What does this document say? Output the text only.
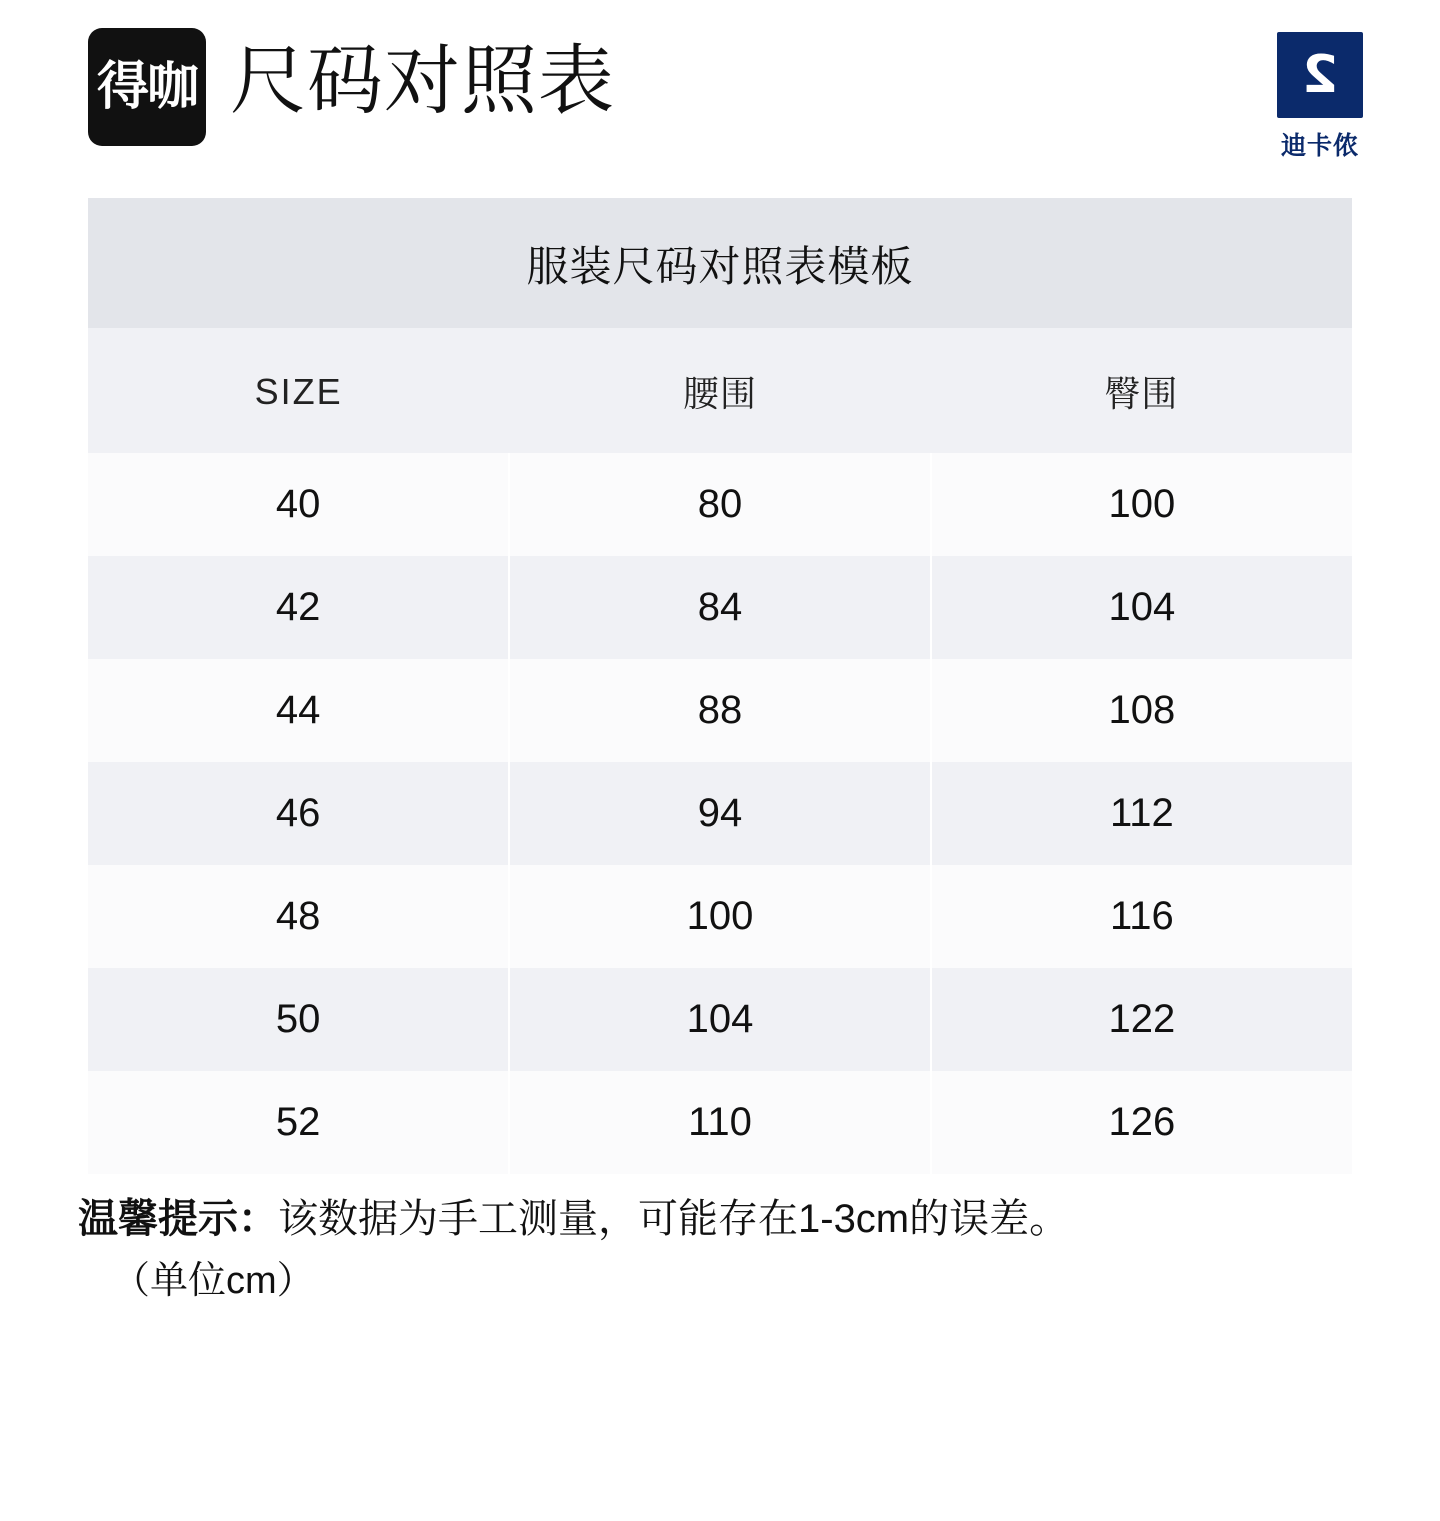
得咖 尺码对照表	2
迪卡侬
服装尺码对照表模板
SIZE	腰围	臀围
40	80	100
42	84	104
44	88	108
46	94	112
48	100	116
50	104	122
52	110	126
温馨提示：该数据为手工测量，可能存在1-3cm的误差。
（单位cm）
